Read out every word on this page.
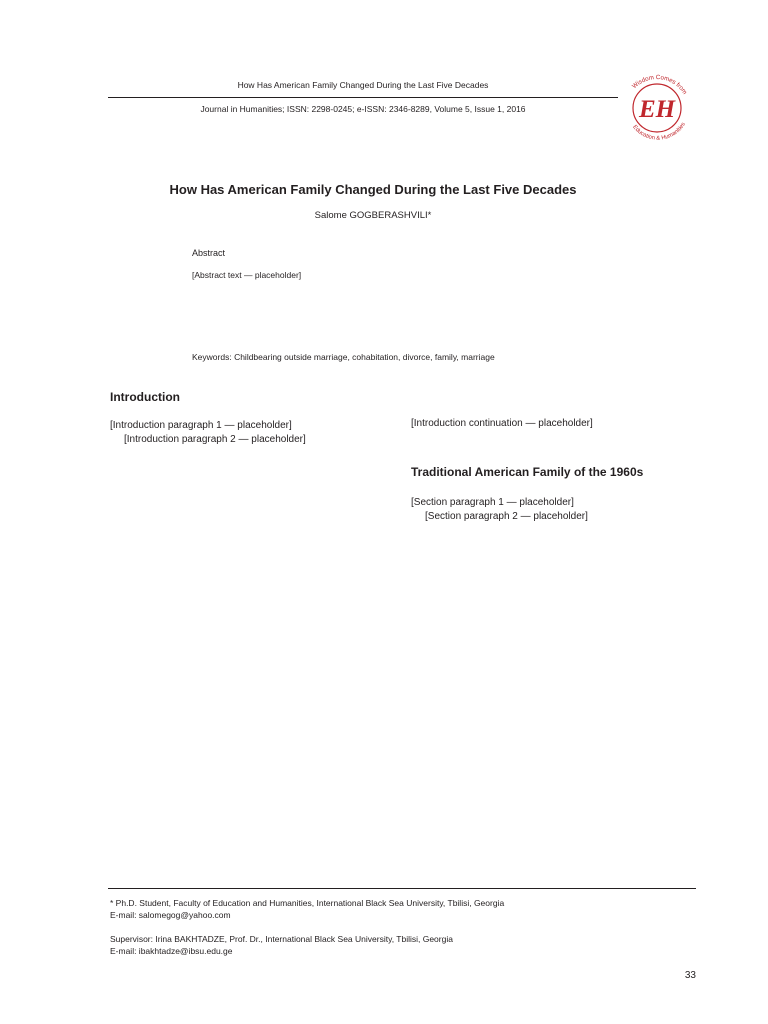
How Has American Family Changed During the Last Five Decades
Journal in Humanities; ISSN: 2298-0245; e-ISSN: 2346-8289, Volume 5, Issue 1, 2016
Wisdom Comes from
Education & Humanities
EH
How Has American Family Changed During the Last Five Decades
Salome GOGBERASHVILI*
Abstract
[Abstract text — placeholder]
Keywords: Childbearing outside marriage, cohabitation, divorce, family, marriage
Introduction

[Introduction paragraph 1 — placeholder]

[Introduction paragraph 2 — placeholder]

[Introduction continuation — placeholder]

Traditional American Family of the 1960s

[Section paragraph 1 — placeholder]

[Section paragraph 2 — placeholder]

* Ph.D. Student, Faculty of Education and Humanities, International Black Sea University, Tbilisi, Georgia
E-mail: salomegog@yahoo.com
Supervisor: Irina BAKHTADZE, Prof. Dr., International Black Sea University, Tbilisi, Georgia
E-mail: ibakhtadze@ibsu.edu.ge
33
